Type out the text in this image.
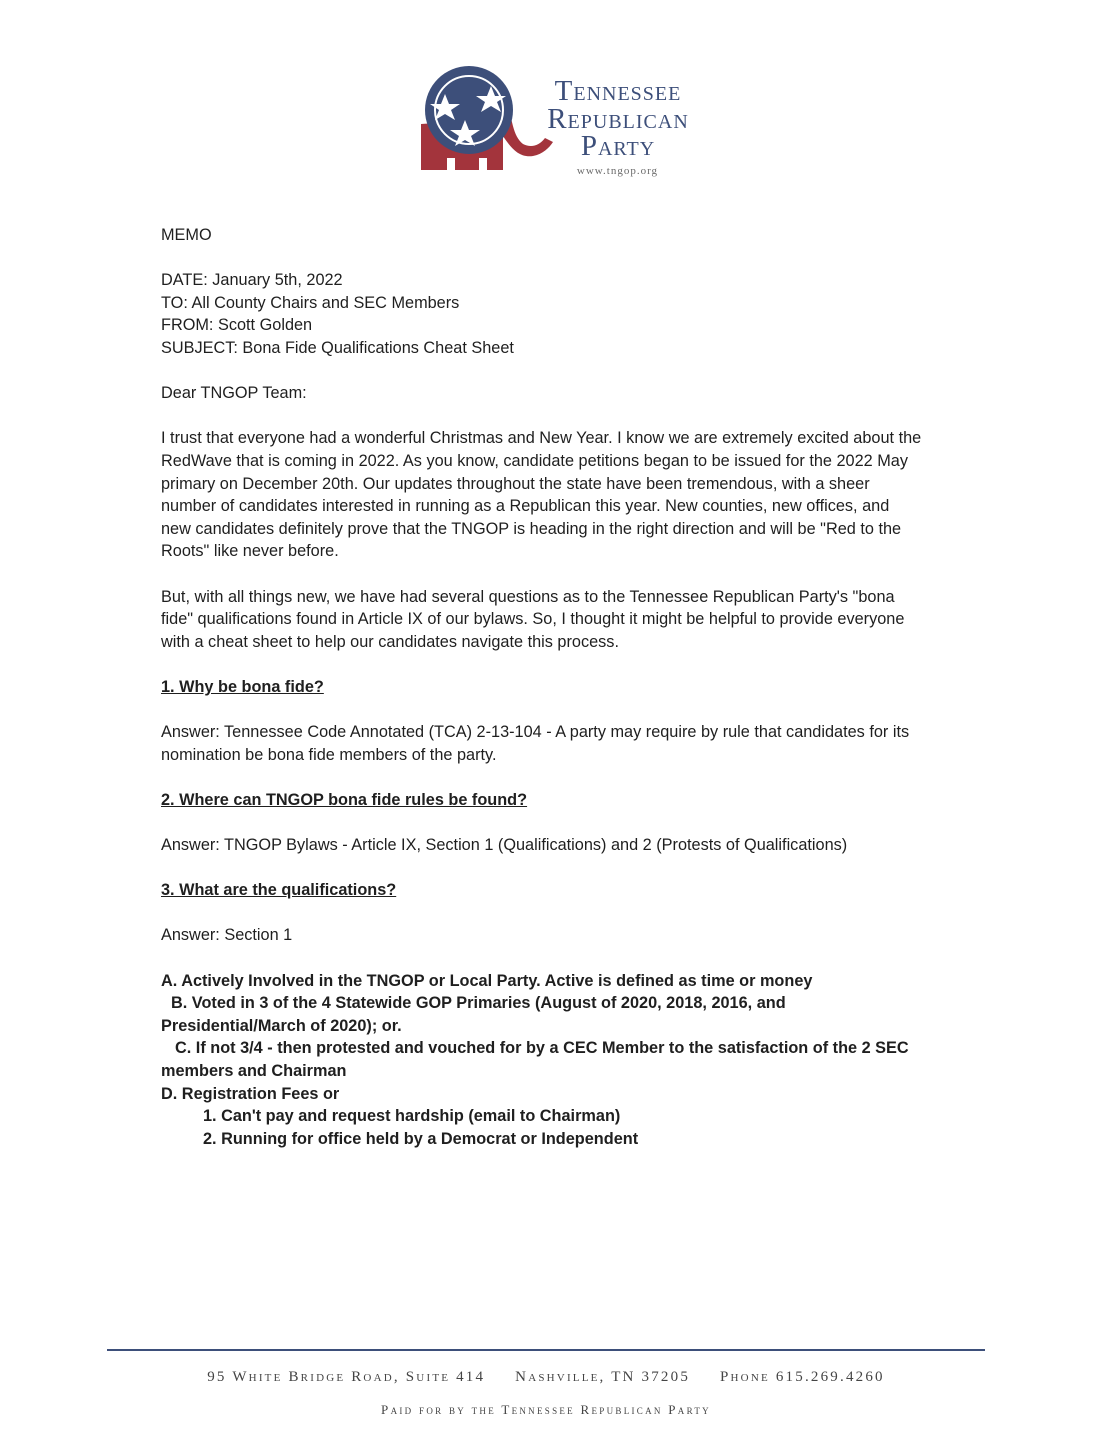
Tennessee
Republican
Party
www.tngop.org
MEMO
DATE: January 5th, 2022
TO: All County Chairs and SEC Members
FROM: Scott Golden
SUBJECT: Bona Fide Qualifications Cheat Sheet
Dear TNGOP Team:
I trust that everyone had a wonderful Christmas and New Year. I know we are extremely excited about the
RedWave that is coming in 2022. As you know, candidate petitions began to be issued for the 2022 May
primary on December 20th. Our updates throughout the state have been tremendous, with a sheer
number of candidates interested in running as a Republican this year. New counties, new offices, and
new candidates definitely prove that the TNGOP is heading in the right direction and will be "Red to the
Roots" like never before.
But, with all things new, we have had several questions as to the Tennessee Republican Party's "bona
fide" qualifications found in Article IX of our bylaws. So, I thought it might be helpful to provide everyone
with a cheat sheet to help our candidates navigate this process.
1. Why be bona fide?
Answer: Tennessee Code Annotated (TCA) 2-13-104 - A party may require by rule that candidates for its
nomination be bona fide members of the party.
2. Where can TNGOP bona fide rules be found?
Answer: TNGOP Bylaws - Article IX, Section 1 (Qualifications) and 2 (Protests of Qualifications)
3. What are the qualifications?
Answer: Section 1
A. Actively Involved in the TNGOP or Local Party. Active is defined as time or money
B. Voted in 3 of the 4 Statewide GOP Primaries (August of 2020, 2018, 2016, and
Presidential/March of 2020); or.
C. If not 3/4 - then protested and vouched for by a CEC Member to the satisfaction of the 2 SEC
members and Chairman
D. Registration Fees or
1. Can't pay and request hardship (email to Chairman)
2. Running for office held by a Democrat or Independent
95 White Bridge Road, Suite 414 Nashville, TN 37205 Phone 615.269.4260
Paid for by the Tennessee Republican Party
